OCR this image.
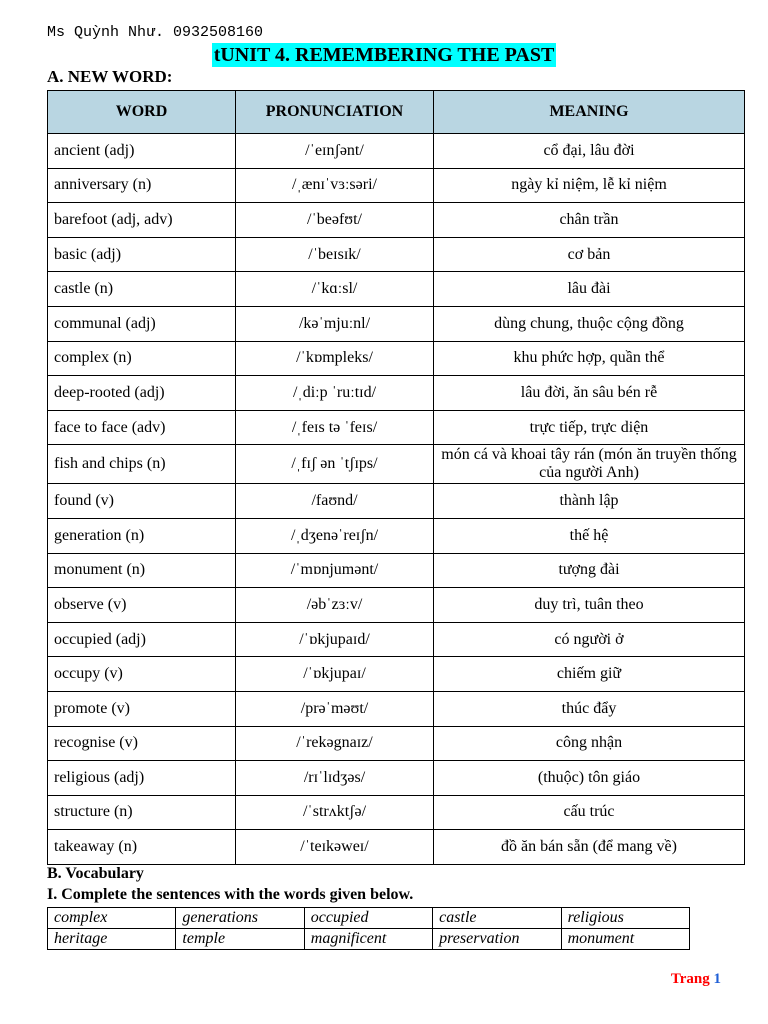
Ms Quỳnh Như. 0932508160
tUNIT 4. REMEMBERING THE PAST
A. NEW WORD:
WORD	PRONUNCIATION	MEANING
ancient (adj)	/ˈeɪnʃənt/	cổ đại, lâu đời
anniversary (n)	/ˌænɪˈvɜːsəri/	ngày kỉ niệm, lễ kỉ niệm
barefoot (adj, adv)	/ˈbeəfʊt/	chân trần
basic (adj)	/ˈbeɪsɪk/	cơ bản
castle (n)	/ˈkɑːsl/	lâu đài
communal (adj)	/kəˈmjuːnl/	dùng chung, thuộc cộng đồng
complex (n)	/ˈkɒmpleks/	khu phức hợp, quần thể
deep-rooted (adj)	/ˌdiːp ˈruːtɪd/	lâu đời, ăn sâu bén rễ
face to face (adv)	/ˌfeɪs tə ˈfeɪs/	trực tiếp, trực diện
fish and chips (n)	/ˌfɪʃ ən ˈtʃɪps/	món cá và khoai tây rán (món ăn truyền thống của người Anh)
found (v)	/faʊnd/	thành lập
generation (n)	/ˌdʒenəˈreɪʃn/	thế hệ
monument (n)	/ˈmɒnjumənt/	tượng đài
observe (v)	/əbˈzɜːv/	duy trì, tuân theo
occupied (adj)	/ˈɒkjupaɪd/	có người ở
occupy (v)	/ˈɒkjupaɪ/	chiếm giữ
promote (v)	/prəˈməʊt/	thúc đẩy
recognise (v)	/ˈrekəgnaɪz/	công nhận
religious (adj)	/rɪˈlɪdʒəs/	(thuộc) tôn giáo
structure (n)	/ˈstrʌktʃə/	cấu trúc
takeaway (n)	/ˈteɪkəweɪ/	đồ ăn bán sẵn (để mang về)
B. Vocabulary
I. Complete the sentences with the words given below.
complex	generations	occupied	castle	religious
heritage	temple	magnificent	preservation	monument
Trang 1
